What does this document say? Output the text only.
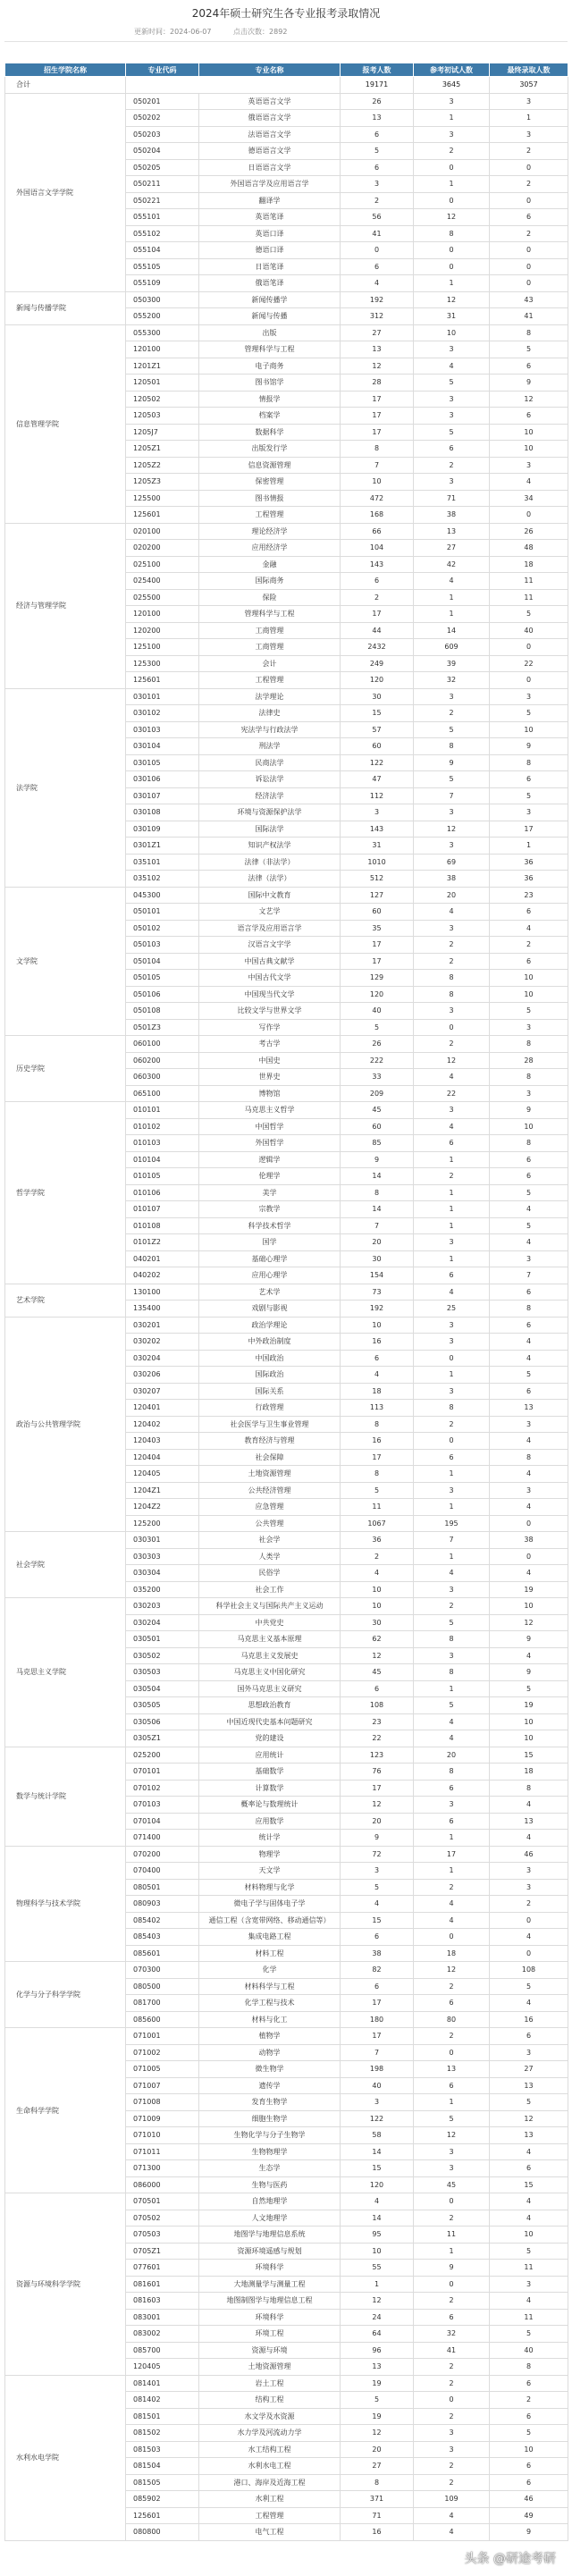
2024年硕士研究生各专业报考录取情况
更新时间：2024-06-07	点击次数：2892
招生学院名称	专业代码	专业名称	报考人数	参考初试人数	最终录取人数
合计			19171	3645	3057
外国语言文学学院	050201	英语语言文学	26	3	3
	050202	俄语语言文学	13	1	1
	050203	法语语言文学	6	3	3
	050204	德语语言文学	5	2	2
	050205	日语语言文学	6	0	0
	050211	外国语言学及应用语言学	3	1	2
	050221	翻译学	2	0	0
	055101	英语笔译	56	12	6
	055102	英语口译	41	8	2
	055104	德语口译	0	0	0
	055105	日语笔译	6	0	0
	055109	俄语笔译	4	1	0
新闻与传播学院	050300	新闻传播学	192	12	43
	055200	新闻与传播	312	31	41
信息管理学院	055300	出版	27	10	8
	120100	管理科学与工程	13	3	5
	1201Z1	电子商务	12	4	6
	120501	图书馆学	28	5	9
	120502	情报学	17	3	12
	120503	档案学	17	3	6
	1205J7	数据科学	17	5	10
	1205Z1	出版发行学	8	6	10
	1205Z2	信息资源管理	7	2	3
	1205Z3	保密管理	10	3	4
	125500	图书情报	472	71	34
	125601	工程管理	168	38	0
经济与管理学院	020100	理论经济学	66	13	26
	020200	应用经济学	104	27	48
	025100	金融	143	42	18
	025400	国际商务	6	4	11
	025500	保险	2	1	11
	120100	管理科学与工程	17	1	5
	120200	工商管理	44	14	40
	125100	工商管理	2432	609	0
	125300	会计	249	39	22
	125601	工程管理	120	32	0
法学院	030101	法学理论	30	3	3
	030102	法律史	15	2	5
	030103	宪法学与行政法学	57	5	10
	030104	刑法学	60	8	9
	030105	民商法学	122	9	8
	030106	诉讼法学	47	5	6
	030107	经济法学	112	7	5
	030108	环境与资源保护法学	3	3	3
	030109	国际法学	143	12	17
	0301Z1	知识产权法学	31	3	1
	035101	法律（非法学）	1010	69	36
	035102	法律（法学）	512	38	36
文学院	045300	国际中文教育	127	20	23
	050101	文艺学	60	4	6
	050102	语言学及应用语言学	35	3	4
	050103	汉语言文字学	17	2	2
	050104	中国古典文献学	17	2	6
	050105	中国古代文学	129	8	10
	050106	中国现当代文学	120	8	10
	050108	比较文学与世界文学	40	3	5
	0501Z3	写作学	5	0	3
历史学院	060100	考古学	26	2	8
	060200	中国史	222	12	28
	060300	世界史	33	4	8
	065100	博物馆	209	22	3
哲学学院	010101	马克思主义哲学	45	3	9
	010102	中国哲学	60	4	10
	010103	外国哲学	85	6	8
	010104	逻辑学	9	1	6
	010105	伦理学	14	2	6
	010106	美学	8	1	5
	010107	宗教学	14	1	4
	010108	科学技术哲学	7	1	5
	0101Z2	国学	20	3	4
	040201	基础心理学	30	1	3
	040202	应用心理学	154	6	7
艺术学院	130100	艺术学	73	4	6
	135400	戏剧与影视	192	25	8
政治与公共管理学院	030201	政治学理论	10	3	6
	030202	中外政治制度	16	3	4
	030204	中国政治	6	0	4
	030206	国际政治	4	1	5
	030207	国际关系	18	3	6
	120401	行政管理	113	8	13
	120402	社会医学与卫生事业管理	8	2	3
	120403	教育经济与管理	16	0	4
	120404	社会保障	17	6	8
	120405	土地资源管理	8	1	4
	1204Z1	公共经济管理	5	3	3
	1204Z2	应急管理	11	1	4
	125200	公共管理	1067	195	0
社会学院	030301	社会学	36	7	38
	030303	人类学	2	1	0
	030304	民俗学	4	4	4
	035200	社会工作	10	3	19
马克思主义学院	030203	科学社会主义与国际共产主义运动	10	2	10
	030204	中共党史	30	5	12
	030501	马克思主义基本原理	62	8	9
	030502	马克思主义发展史	12	3	4
	030503	马克思主义中国化研究	45	8	9
	030504	国外马克思主义研究	6	1	5
	030505	思想政治教育	108	5	19
	030506	中国近现代史基本问题研究	23	4	10
	0305Z1	党的建设	22	4	10
数学与统计学院	025200	应用统计	123	20	15
	070101	基础数学	76	8	18
	070102	计算数学	17	6	8
	070103	概率论与数理统计	12	3	4
	070104	应用数学	20	6	13
	071400	统计学	9	1	4
物理科学与技术学院	070200	物理学	72	17	46
	070400	天文学	3	1	3
	080501	材料物理与化学	5	2	3
	080903	微电子学与固体电子学	4	4	2
	085402	通信工程（含宽带网络、移动通信等）	15	4	0
	085403	集成电路工程	6	0	4
	085601	材料工程	38	18	0
化学与分子科学学院	070300	化学	82	12	108
	080500	材料科学与工程	6	2	5
	081700	化学工程与技术	17	6	4
	085600	材料与化工	180	80	16
生命科学学院	071001	植物学	17	2	6
	071002	动物学	7	0	3
	071005	微生物学	198	13	27
	071007	遗传学	40	6	13
	071008	发育生物学	3	1	5
	071009	细胞生物学	122	5	12
	071010	生物化学与分子生物学	58	12	13
	071011	生物物理学	14	3	4
	071300	生态学	15	3	6
	086000	生物与医药	120	45	15
资源与环境科学学院	070501	自然地理学	4	0	4
	070502	人文地理学	14	2	4
	070503	地图学与地理信息系统	95	11	10
	0705Z1	资源环境遥感与规划	10	1	5
	077601	环境科学	55	9	11
	081601	大地测量学与测量工程	1	0	3
	081603	地图制图学与地理信息工程	12	2	4
	083001	环境科学	24	6	11
	083002	环境工程	64	32	5
	085700	资源与环境	96	41	40
	120405	土地资源管理	13	2	8
水利水电学院	081401	岩土工程	19	2	6
	081402	结构工程	5	0	2
	081501	水文学及水资源	19	2	6
	081502	水力学及河流动力学	12	3	5
	081503	水工结构工程	20	3	10
	081504	水利水电工程	27	2	6
	081505	港口、海岸及近海工程	8	2	6
	085902	水利工程	371	109	46
	125601	工程管理	71	4	49
	080800	电气工程	16	4	9
头条 @研途考研
